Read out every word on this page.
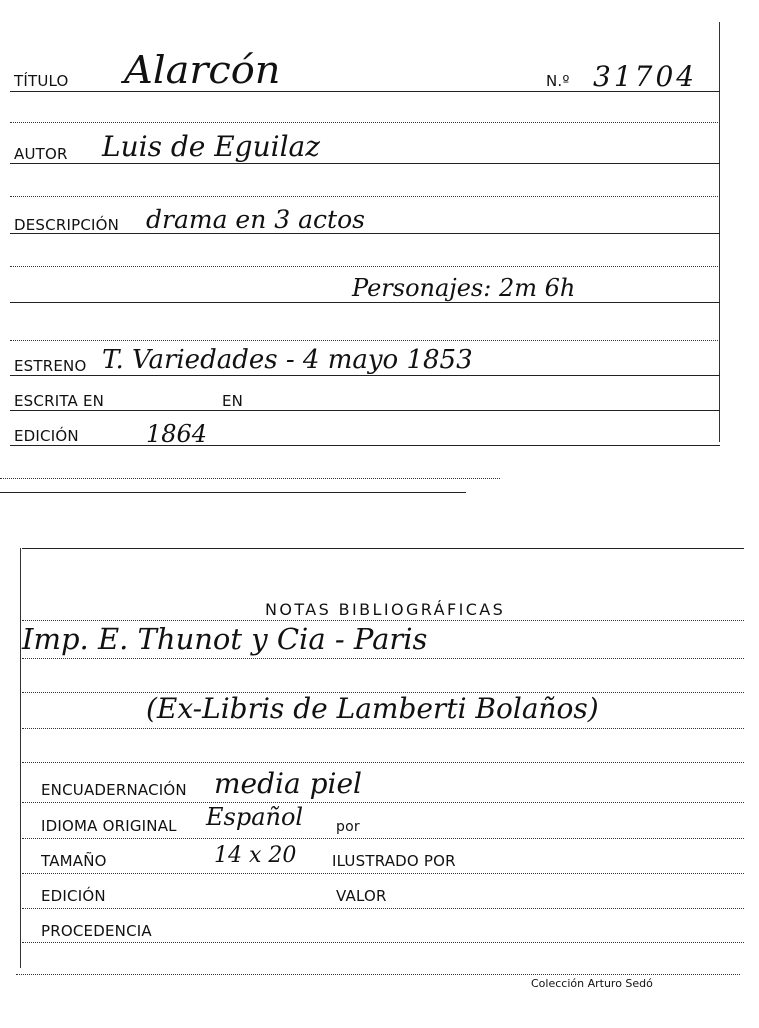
TÍTULO Alarcón	N.º 31704
AUTOR Luis de Eguilaz
DESCRIPCIÓN drama en 3 actos
Personajes: 2m 6h
ESTRENO T. Variedades - 4 mayo 1853
ESCRITA EN	EN
EDICIÓN	1864
NOTAS BIBLIOGRÁFICAS
Imp. E. Thunot y Cia - Paris
(Ex-Libris de Lamberti Bolaños)
ENCUADERNACIÓN media piel
IDIOMA ORIGINAL Español por
TAMAÑO	14 x 20 ILUSTRADO POR
EDICIÓN	VALOR
PROCEDENCIA
Colección Arturo Sedó
